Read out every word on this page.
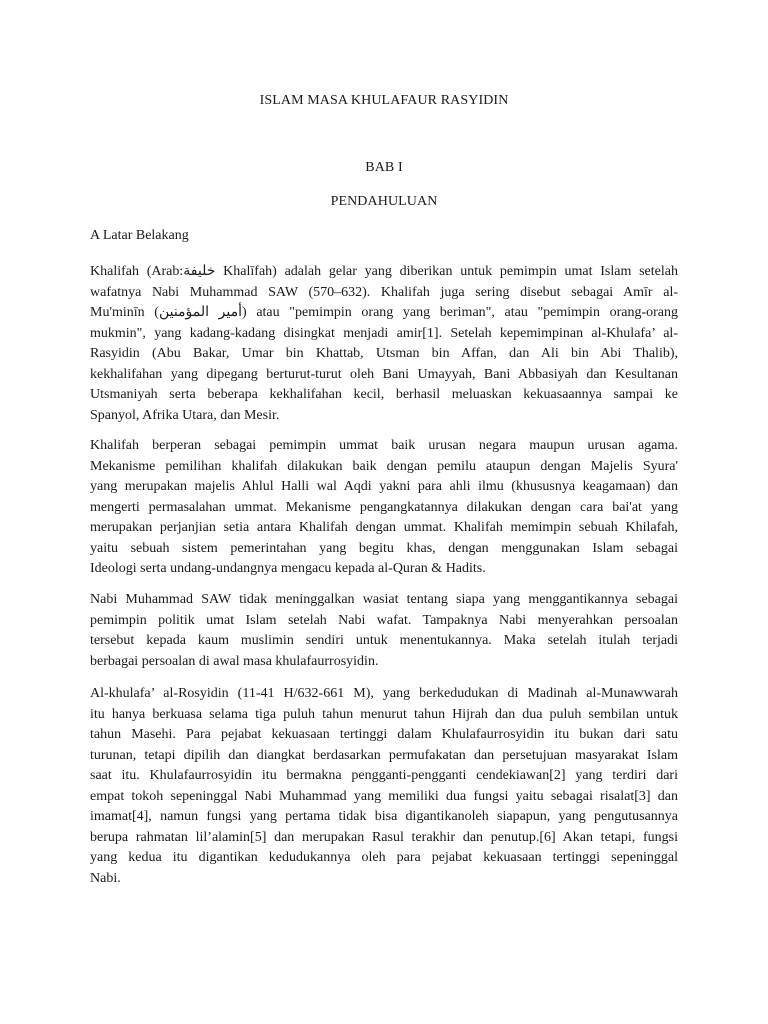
ISLAM MASA KHULAFAUR RASYIDIN
BAB I
PENDAHULUAN
A Latar Belakang

Khalifah (Arab:خليفة Khalīfah) adalah gelar yang diberikan untuk pemimpin umat Islam setelah
wafatnya Nabi Muhammad SAW (570–632). Khalifah juga sering disebut sebagai Amīr al-
Mu'minīn (أمير المؤمنين) atau "pemimpin orang yang beriman", atau "pemimpin orang-orang
mukmin", yang kadang-kadang disingkat menjadi amir[1]. Setelah kepemimpinan al-Khulafa’ al-
Rasyidin (Abu Bakar, Umar bin Khattab, Utsman bin Affan, dan Ali bin Abi Thalib),
kekhalifahan yang dipegang berturut-turut oleh Bani Umayyah, Bani Abbasiyah dan Kesultanan
Utsmaniyah serta beberapa kekhalifahan kecil, berhasil meluaskan kekuasaannya sampai ke
Spanyol, Afrika Utara, dan Mesir.

Khalifah berperan sebagai pemimpin ummat baik urusan negara maupun urusan agama.
Mekanisme pemilihan khalifah dilakukan baik dengan pemilu ataupun dengan Majelis Syura'
yang merupakan majelis Ahlul Halli wal Aqdi yakni para ahli ilmu (khususnya keagamaan) dan
mengerti permasalahan ummat. Mekanisme pengangkatannya dilakukan dengan cara bai'at yang
merupakan perjanjian setia antara Khalifah dengan ummat. Khalifah memimpin sebuah Khilafah,
yaitu sebuah sistem pemerintahan yang begitu khas, dengan menggunakan Islam sebagai
Ideologi serta undang-undangnya mengacu kepada al-Quran & Hadits.

Nabi Muhammad SAW tidak meninggalkan wasiat tentang siapa yang menggantikannya sebagai
pemimpin politik umat Islam setelah Nabi wafat. Tampaknya Nabi menyerahkan persoalan
tersebut kepada kaum muslimin sendiri untuk menentukannya. Maka setelah itulah terjadi
berbagai persoalan di awal masa khulafaurrosyidin.

Al-khulafa’ al-Rosyidin (11-41 H/632-661 M), yang berkedudukan di Madinah al-Munawwarah
itu hanya berkuasa selama tiga puluh tahun menurut tahun Hijrah dan dua puluh sembilan untuk
tahun Masehi. Para pejabat kekuasaan tertinggi dalam Khulafaurrosyidin itu bukan dari satu
turunan, tetapi dipilih dan diangkat berdasarkan permufakatan dan persetujuan masyarakat Islam
saat itu. Khulafaurrosyidin itu bermakna pengganti-pengganti cendekiawan[2] yang terdiri dari
empat tokoh sepeninggal Nabi Muhammad yang memiliki dua fungsi yaitu sebagai risalat[3] dan
imamat[4], namun fungsi yang pertama tidak bisa digantikanoleh siapapun, yang pengutusannya
berupa rahmatan lil’alamin[5] dan merupakan Rasul terakhir dan penutup.[6] Akan tetapi, fungsi
yang kedua itu digantikan kedudukannya oleh para pejabat kekuasaan tertinggi sepeninggal
Nabi.
